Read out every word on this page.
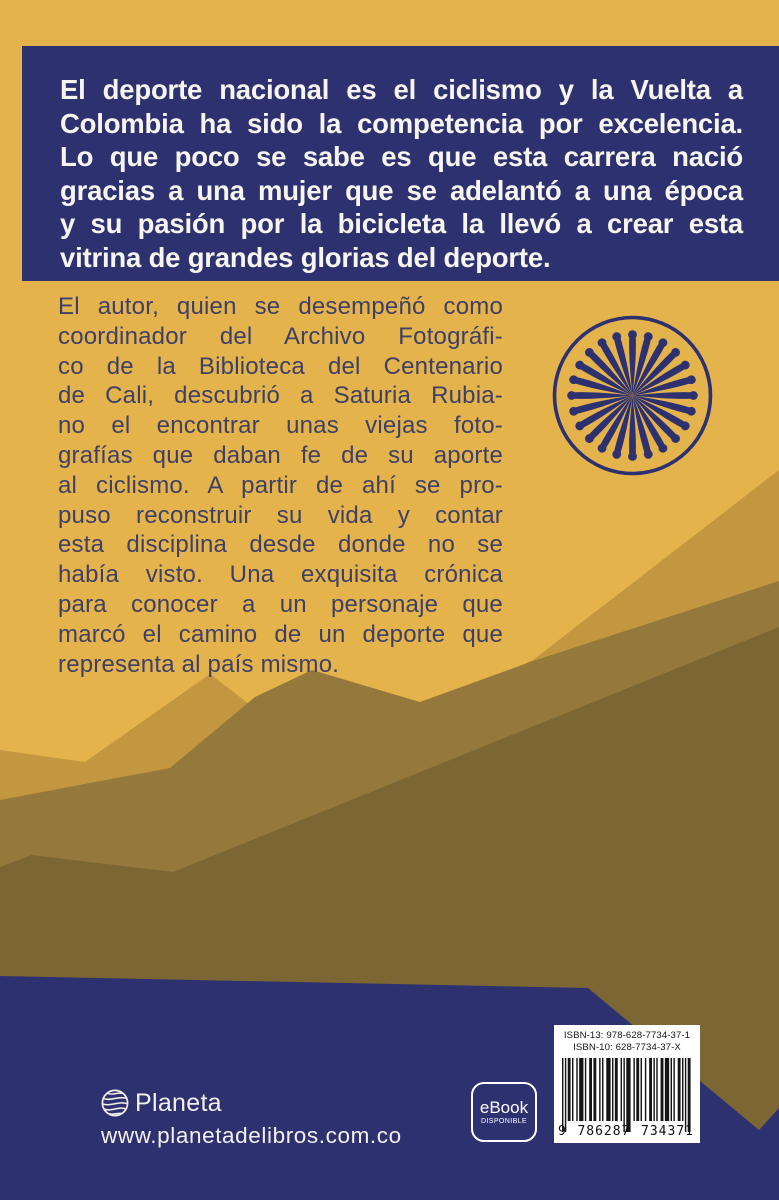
El deporte nacional es el ciclismo y la Vuelta a
Colombia ha sido la competencia por excelencia.
Lo que poco se sabe es que esta carrera nació
gracias a una mujer que se adelantó a una época
y su pasión por la bicicleta la llevó a crear esta
vitrina de grandes glorias del deporte.
El autor, quien se desempeñó como
coordinador del Archivo Fotográfi-
co de la Biblioteca del Centenario
de Cali, descubrió a Saturia Rubia-
no el encontrar unas viejas foto-
grafías que daban fe de su aporte
al ciclismo. A partir de ahí se pro-
puso reconstruir su vida y contar
esta disciplina desde donde no se
había visto. Una exquisita crónica
para conocer a un personaje que
marcó el camino de un deporte que
representa al país mismo.
Planeta
www.planetadelibros.com.co
eBook
DISPONIBLE
ISBN-13: 978-628-7734-37-1
ISBN-10: 628-7734-37-X
9 786287 734371
